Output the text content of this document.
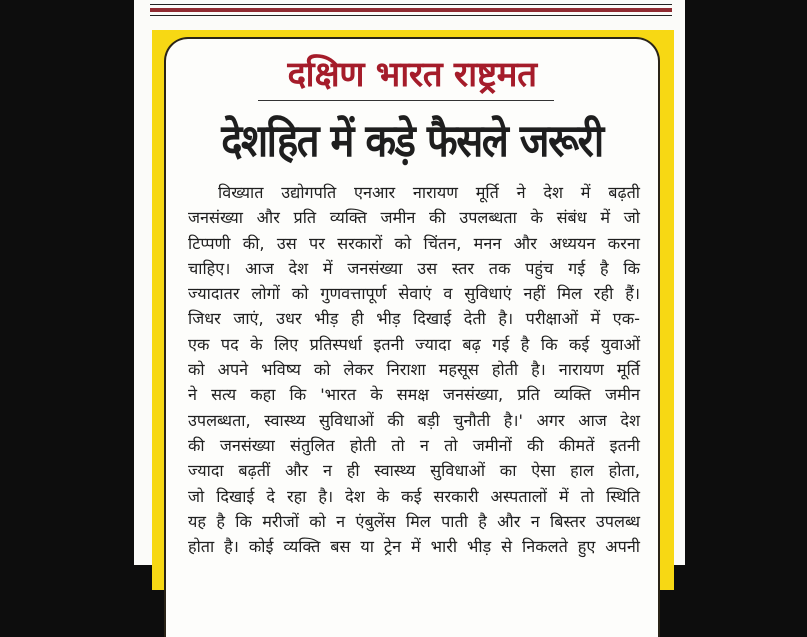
दक्षिण भारत राष्ट्रमत
देशहित में कड़े फैसले जरूरी
विख्यात उद्योगपति एनआर नारायण मूर्ति ने देश में बढ़ती
जनसंख्या और प्रति व्यक्ति जमीन की उपलब्धता के संबंध में जो
टिप्पणी की, उस पर सरकारों को चिंतन, मनन और अध्ययन करना
चाहिए। आज देश में जनसंख्या उस स्तर तक पहुंच गई है कि
ज्यादातर लोगों को गुणवत्तापूर्ण सेवाएं व सुविधाएं नहीं मिल रही हैं।
जिधर जाएं, उधर भीड़ ही भीड़ दिखाई देती है। परीक्षाओं में एक-
एक पद के लिए प्रतिस्पर्धा इतनी ज्यादा बढ़ गई है कि कई युवाओं
को अपने भविष्य को लेकर निराशा महसूस होती है। नारायण मूर्ति
ने सत्य कहा कि 'भारत के समक्ष जनसंख्या, प्रति व्यक्ति जमीन
उपलब्धता, स्वास्थ्य सुविधाओं की बड़ी चुनौती है।' अगर आज देश
की जनसंख्या संतुलित होती तो न तो जमीनों की कीमतें इतनी
ज्यादा बढ़तीं और न ही स्वास्थ्य सुविधाओं का ऐसा हाल होता,
जो दिखाई दे रहा है। देश के कई सरकारी अस्पतालों में तो स्थिति
यह है कि मरीजों को न एंबुलेंस मिल पाती है और न बिस्तर उपलब्ध
होता है। कोई व्यक्ति बस या ट्रेन में भारी भीड़ से निकलते हुए अपनी
